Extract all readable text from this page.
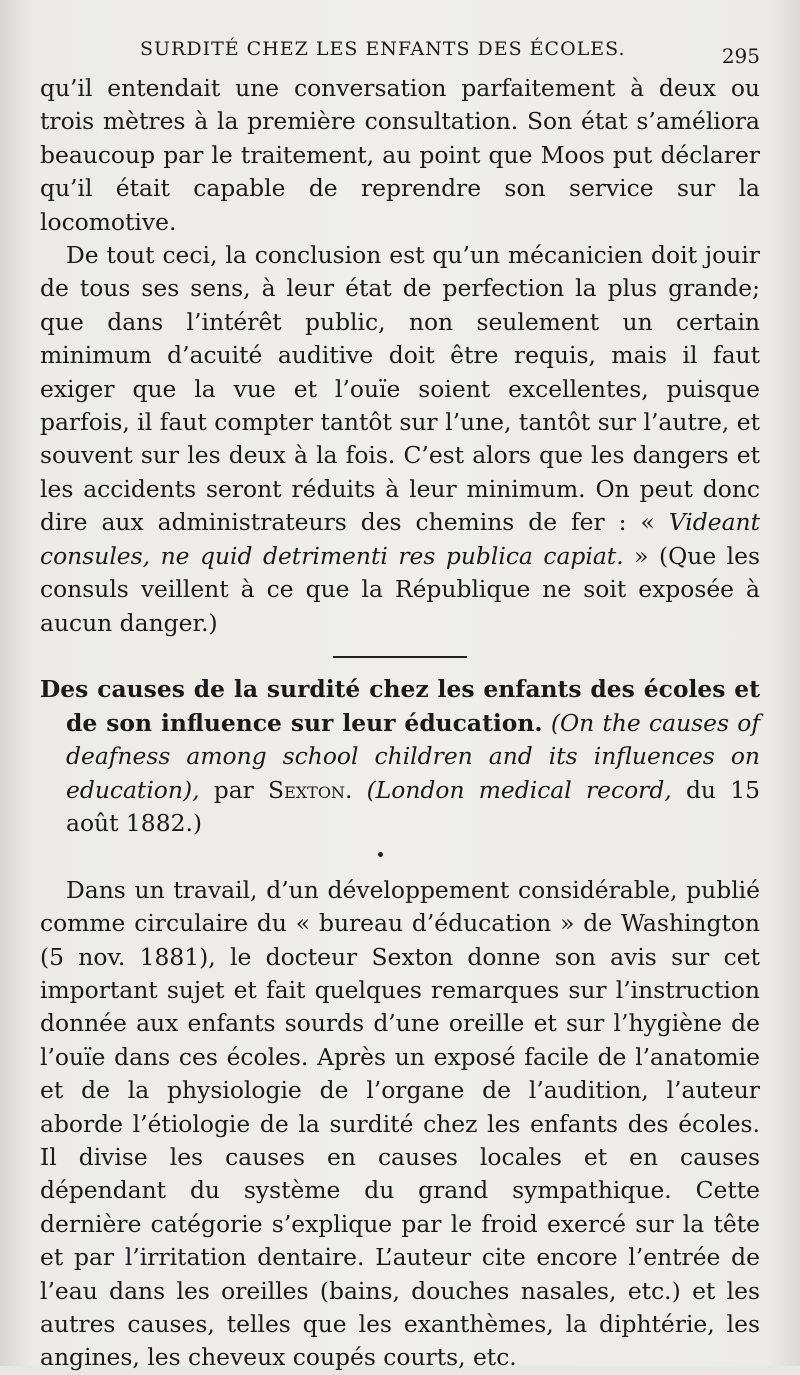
SURDITÉ CHEZ LES ENFANTS DES ÉCOLES.	295

qu’il entendait une conversation parfaitement à deux ou trois mètres à la première consultation. Son état s’améliora beaucoup par le traitement, au point que Moos put déclarer qu’il était capable de reprendre son service sur la locomotive.

De tout ceci, la conclusion est qu’un mécanicien doit jouir de tous ses sens, à leur état de perfection la plus grande; que dans l’intérêt public, non seulement un certain minimum d’acuité auditive doit être requis, mais il faut exiger que la vue et l’ouïe soient excellentes, puisque parfois, il faut compter tantôt sur l’une, tantôt sur l’autre, et souvent sur les deux à la fois. C’est alors que les dangers et les accidents seront réduits à leur minimum. On peut donc dire aux administrateurs des chemins de fer : « Videant consules, ne quid detrimenti res publica capiat. » (Que les consuls veillent à ce que la République ne soit exposée à aucun danger.)

Des causes de la surdité chez les enfants des écoles et de son influence sur leur éducation. (On the causes of deafness among school children and its influences on education), par Sexton. (London medical record, du 15 août 1882.)

Dans un travail, d’un développement considérable, publié comme circulaire du « bureau d’éducation » de Washington (5 nov. 1881), le docteur Sexton donne son avis sur cet important sujet et fait quelques remarques sur l’instruction donnée aux enfants sourds d’une oreille et sur l’hygiène de l’ouïe dans ces écoles. Après un exposé facile de l’anatomie et de la physiologie de l’organe de l’audition, l’auteur aborde l’étiologie de la surdité chez les enfants des écoles. Il divise les causes en causes locales et en causes dépendant du système du grand sympathique. Cette dernière catégorie s’explique par le froid exercé sur la tête et par l’irritation dentaire. L’auteur cite encore l’entrée de l’eau dans les oreilles (bains, douches nasales, etc.) et les autres causes, telles que les exanthèmes, la diphtérie, les angines, les cheveux coupés courts, etc.
